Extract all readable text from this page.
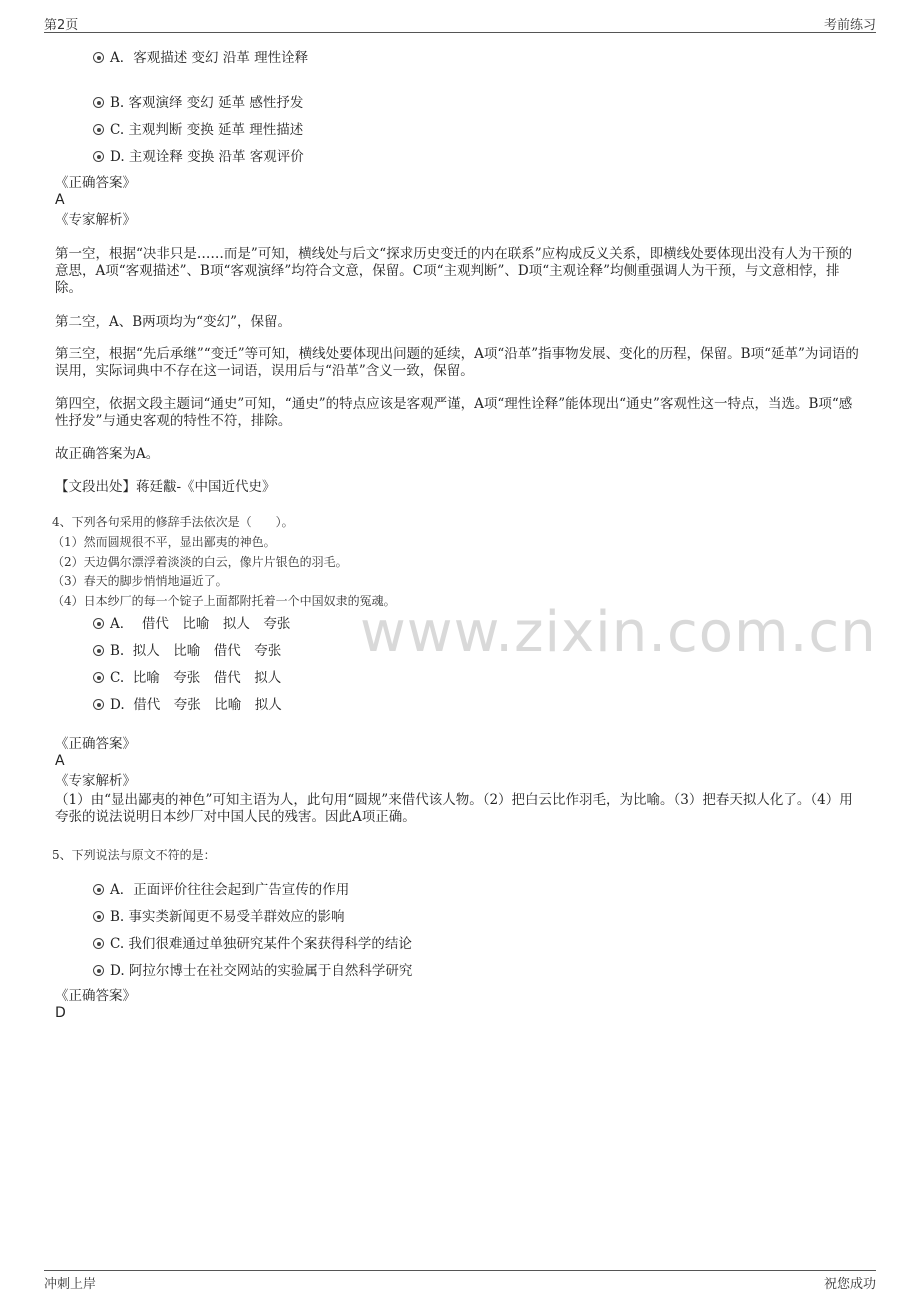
第2页	考前练习
www.zixin.com.cn
A．客观描述 变幻 沿革 理性诠释
B. 客观演绎 变幻 延革 感性抒发
C. 主观判断 变换 延革 理性描述
D. 主观诠释 变换 沿革 客观评价
《正确答案》
A
《专家解析》
第一空，根据“决非只是……而是”可知，横线处与后文“探求历史变迁的内在联系”应构成反义关系，即横线处要体现出没有人为干预的意思，A项“客观描述”、B项“客观演绎”均符合文意，保留。C项“主观判断”、D项“主观诠释”均侧重强调人为干预，与文意相悖，排除。
第二空，A、B两项均为“变幻”，保留。
第三空，根据“先后承继”“变迁”等可知，横线处要体现出问题的延续，A项“沿革”指事物发展、变化的历程，保留。B项“延革”为词语的误用，实际词典中不存在这一词语，误用后与“沿革”含义一致，保留。
第四空，依据文段主题词“通史”可知，“通史”的特点应该是客观严谨，A项“理性诠释”能体现出“通史”客观性这一特点，当选。B项“感性抒发”与通史客观的特性不符，排除。
故正确答案为A。
【文段出处】蒋廷黻-《中国近代史》
4、下列各句采用的修辞手法依次是（　　）。
（1）然而圆规很不平，显出鄙夷的神色。
（2）天边偶尔漂浮着淡淡的白云，像片片银色的羽毛。
（3）春天的脚步悄悄地逼近了。
（4）日本纱厂的每一个锭子上面都附托着一个中国奴隶的冤魂。
A．  借代　比喻　拟人　夸张
B.  拟人　比喻　借代　夸张
C.  比喻　夸张　借代　拟人
D.  借代　夸张　比喻　拟人
《正确答案》
A
《专家解析》
（1）由“显出鄙夷的神色”可知主语为人，此句用“圆规”来借代该人物。（2）把白云比作羽毛，为比喻。（3）把春天拟人化了。（4）用夸张的说法说明日本纱厂对中国人民的残害。因此A项正确。
5、下列说法与原文不符的是：
A．正面评价往往会起到广告宣传的作用
B. 事实类新闻更不易受羊群效应的影响
C. 我们很难通过单独研究某件个案获得科学的结论
D. 阿拉尔博士在社交网站的实验属于自然科学研究
《正确答案》
D
冲刺上岸	祝您成功
